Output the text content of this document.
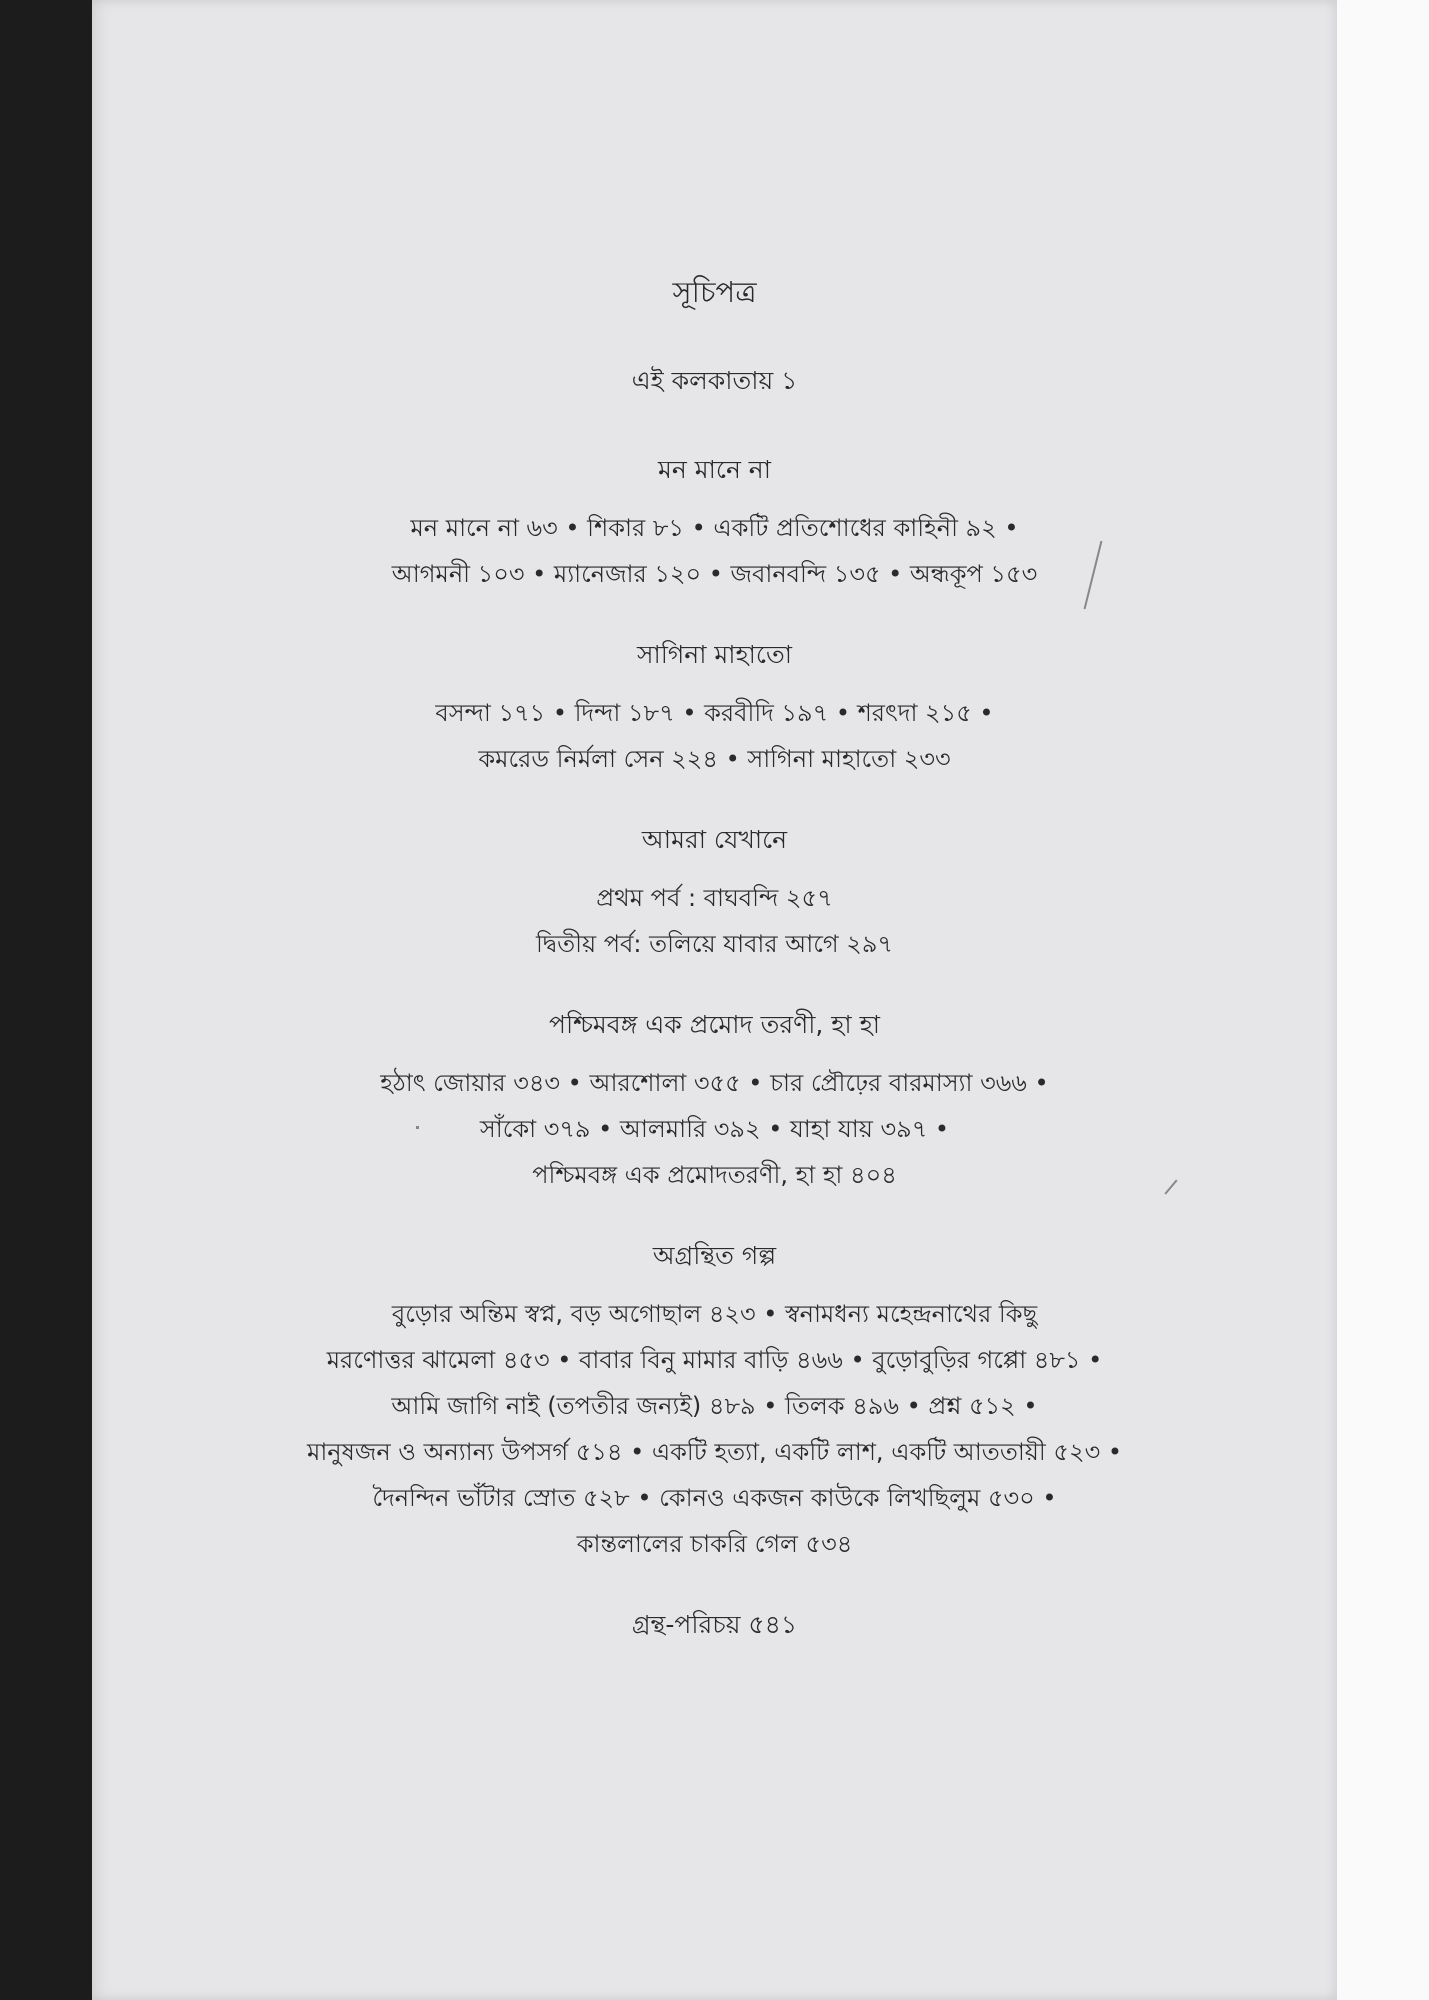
সূচিপত্র
এই কলকাতায় ১
মন মানে না
মন মানে না ৬৩ • শিকার ৮১ • একটি প্রতিশোধের কাহিনী ৯২ •
আগমনী ১০৩ • ম্যানেজার ১২০ • জবানবন্দি ১৩৫ • অন্ধকূপ ১৫৩
সাগিনা মাহাতো
বসন্দা ১৭১ • দিন্দা ১৮৭ • করবীদি ১৯৭ • শরৎদা ২১৫ •
কমরেড নির্মলা সেন ২২৪ • সাগিনা মাহাতো ২৩৩
আমরা যেখানে
প্রথম পর্ব : বাঘবন্দি ২৫৭
দ্বিতীয় পর্ব: তলিয়ে যাবার আগে ২৯৭
পশ্চিমবঙ্গ এক প্রমোদ তরণী, হা হা
হঠাৎ জোয়ার ৩৪৩ • আরশোলা ৩৫৫ • চার প্রৌঢ়ের বারমাস্যা ৩৬৬ •
সাঁকো ৩৭৯ • আলমারি ৩৯২ • যাহা যায় ৩৯৭ •
পশ্চিমবঙ্গ এক প্রমোদতরণী, হা হা ৪০৪
অগ্রন্থিত গল্প
বুড়োর অন্তিম স্বপ্ন, বড় অগোছাল ৪২৩ • স্বনামধন্য মহেন্দ্রনাথের কিছু
মরণোত্তর ঝামেলা ৪৫৩ • বাবার বিনু মামার বাড়ি ৪৬৬ • বুড়োবুড়ির গপ্পো ৪৮১ •
আমি জাগি নাই (তপতীর জন্যই) ৪৮৯ • তিলক ৪৯৬ • প্রশ্ন ৫১২ •
মানুষজন ও অন্যান্য উপসর্গ ৫১৪ • একটি হত্যা, একটি লাশ, একটি আততায়ী ৫২৩ •
দৈনন্দিন ভাঁটার স্রোত ৫২৮ • কোনও একজন কাউকে লিখছিলুম ৫৩০ •
কান্তলালের চাকরি গেল ৫৩৪
গ্রন্থ-পরিচয় ৫৪১
